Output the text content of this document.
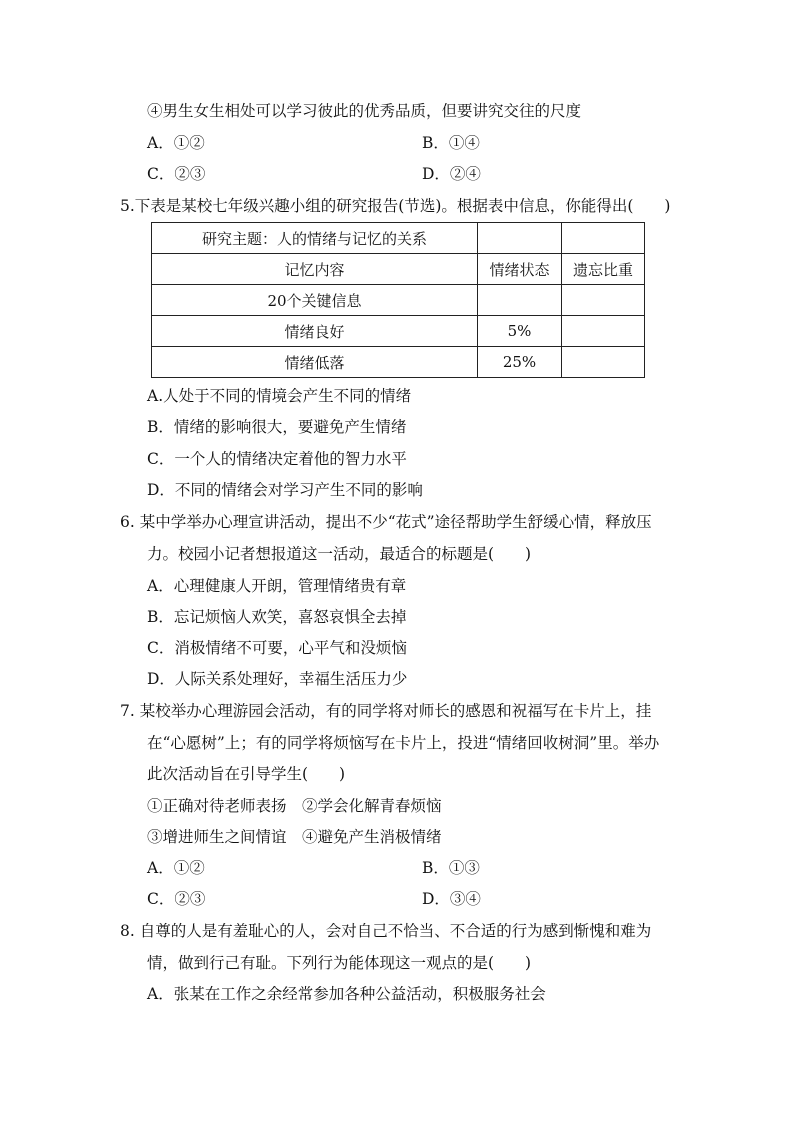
④男生女生相处可以学习彼此的优秀品质，但要讲究交往的尺度
A．①②	B．①④
C．②③	D．②④
5.下表是某校七年级兴趣小组的研究报告(节选)。根据表中信息，你能得出(　　)
研究主题：人的情绪与记忆的关系		
记忆内容	情绪状态	遗忘比重
20个关键信息		
情绪良好	5%	
情绪低落	25%	
A.人处于不同的情境会产生不同的情绪
B．情绪的影响很大，要避免产生情绪
C．一个人的情绪决定着他的智力水平
D．不同的情绪会对学习产生不同的影响
6. 某中学举办心理宣讲活动，提出不少“花式”途径帮助学生舒缓心情，释放压
力。校园小记者想报道这一活动，最适合的标题是(　　)
A．心理健康人开朗，管理情绪贵有章
B．忘记烦恼人欢笑，喜怒哀惧全去掉
C．消极情绪不可要，心平气和没烦恼
D．人际关系处理好，幸福生活压力少
7. 某校举办心理游园会活动，有的同学将对师长的感恩和祝福写在卡片上，挂
在“心愿树”上；有的同学将烦恼写在卡片上，投进“情绪回收树洞”里。举办
此次活动旨在引导学生(　　)
①正确对待老师表扬　②学会化解青春烦恼
③增进师生之间情谊　④避免产生消极情绪
A．①②	B．①③
C．②③	D．③④
8. 自尊的人是有羞耻心的人，会对自己不恰当、不合适的行为感到惭愧和难为
情，做到行己有耻。下列行为能体现这一观点的是(　　)
A．张某在工作之余经常参加各种公益活动，积极服务社会
